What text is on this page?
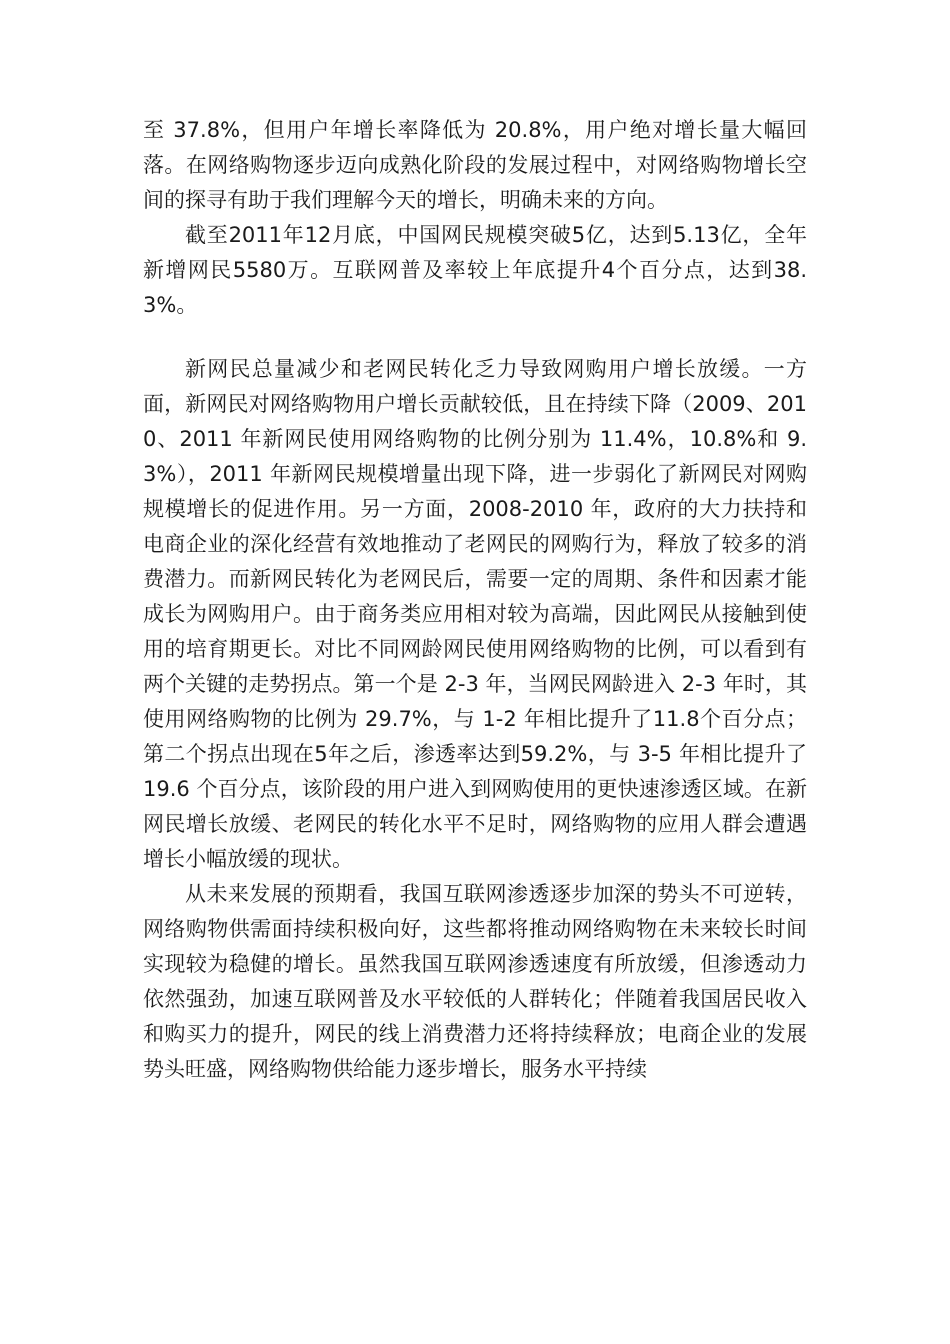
至 37.8%，但用户年增长率降低为 20.8%，用户绝对增长量大幅回落。在网络购物逐步迈向成熟化阶段的发展过程中，对网络购物增长空间的探寻有助于我们理解今天的增长，明确未来的方向。

截至2011年12月底，中国网民规模突破5亿，达到5.13亿，全年新增网民5580万。互联网普及率较上年底提升4个百分点，达到38.3%。

新网民总量减少和老网民转化乏力导致网购用户增长放缓。一方面，新网民对网络购物用户增长贡献较低，且在持续下降（2009、2010、2011 年新网民使用网络购物的比例分别为 11.4%，10.8%和 9.3%），2011 年新网民规模增量出现下降，进一步弱化了新网民对网购规模增长的促进作用。另一方面，2008-2010 年，政府的大力扶持和电商企业的深化经营有效地推动了老网民的网购行为，释放了较多的消费潜力。而新网民转化为老网民后，需要一定的周期、条件和因素才能成长为网购用户。由于商务类应用相对较为高端，因此网民从接触到使用的培育期更长。对比不同网龄网民使用网络购物的比例，可以看到有两个关键的走势拐点。第一个是 2-3 年，当网民网龄进入 2-3 年时，其使用网络购物的比例为 29.7%，与 1-2 年相比提升了11.8个百分点；第二个拐点出现在5年之后，渗透率达到59.2%，与 3-5 年相比提升了 19.6 个百分点，该阶段的用户进入到网购使用的更快速渗透区域。在新网民增长放缓、老网民的转化水平不足时，网络购物的应用人群会遭遇增长小幅放缓的现状。

从未来发展的预期看，我国互联网渗透逐步加深的势头不可逆转，网络购物供需面持续积极向好，这些都将推动网络购物在未来较长时间实现较为稳健的增长。虽然我国互联网渗透速度有所放缓，但渗透动力依然强劲，加速互联网普及水平较低的人群转化；伴随着我国居民收入和购买力的提升，网民的线上消费潜力还将持续释放；电商企业的发展势头旺盛，网络购物供给能力逐步增长，服务水平持续
